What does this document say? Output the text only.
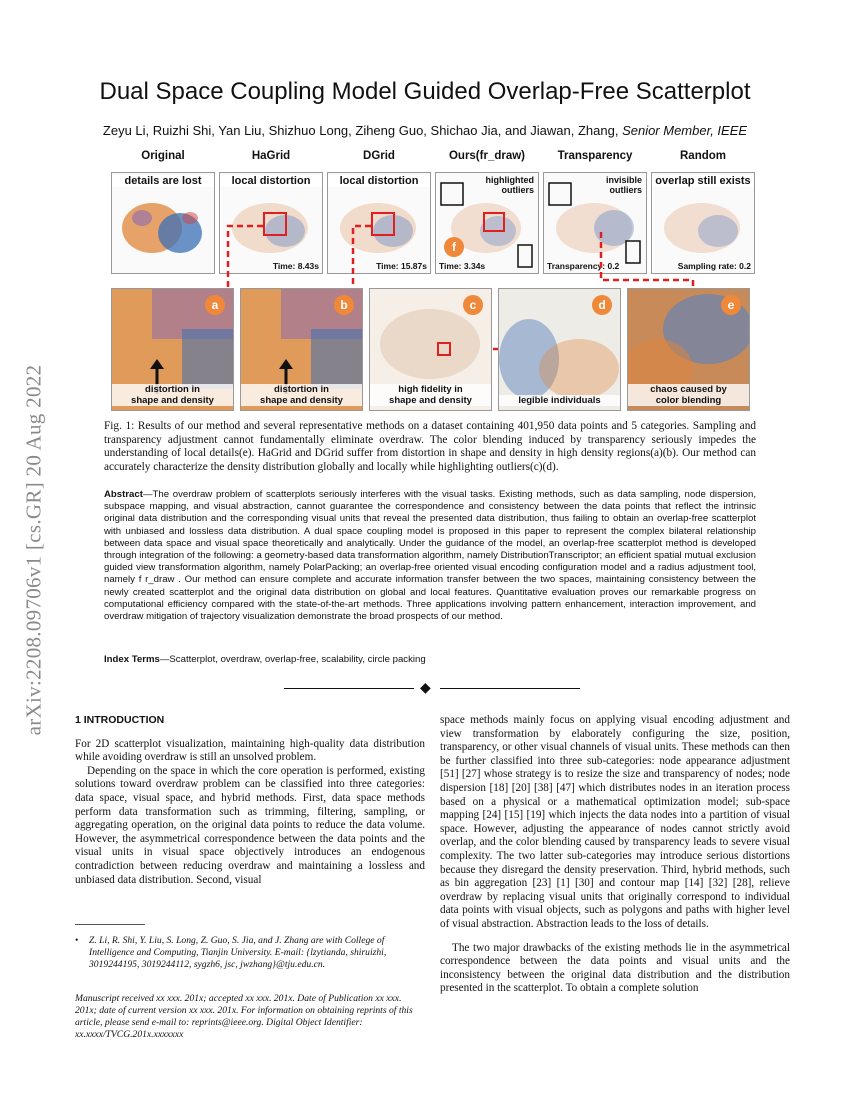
arXiv:2208.09706v1 [cs.GR] 20 Aug 2022
Dual Space Coupling Model Guided Overlap-Free Scatterplot
Zeyu Li, Ruizhi Shi, Yan Liu, Shizhuo Long, Ziheng Guo, Shichao Jia, and Jiawan, Zhang, Senior Member, IEEE
Original	HaGrid	DGrid	Ours(fr_draw)	Transparency	Random
details are lost	local distortion
Time: 8.43s
local distortion
Time: 15.87s
highlighted
outliers
f
Time: 3.34s
invisible
outliers
Transparency: 0.2
overlap still exists
Sampling rate: 0.2
a
distortion in
shape and density
b
distortion in
shape and density
c
high fidelity in
shape and density
d
legible individuals
e
chaos caused by
color blending
Fig. 1: Results of our method and several representative methods on a dataset containing 401,950 data points and 5 categories. Sampling and transparency adjustment cannot fundamentally eliminate overdraw. The color blending induced by transparency seriously impedes the understanding of local details(e). HaGrid and DGrid suffer from distortion in shape and density in high density regions(a)(b). Our method can accurately characterize the density distribution globally and locally while highlighting outliers(c)(d).
Abstract—The overdraw problem of scatterplots seriously interferes with the visual tasks. Existing methods, such as data sampling, node dispersion, subspace mapping, and visual abstraction, cannot guarantee the correspondence and consistency between the data points that reflect the intrinsic original data distribution and the corresponding visual units that reveal the presented data distribution, thus failing to obtain an overlap-free scatterplot with unbiased and lossless data distribution. A dual space coupling model is proposed in this paper to represent the complex bilateral relationship between data space and visual space theoretically and analytically. Under the guidance of the model, an overlap-free scatterplot method is developed through integration of the following: a geometry-based data transformation algorithm, namely DistributionTranscriptor; an efficient spatial mutual exclusion guided view transformation algorithm, namely PolarPacking; an overlap-free oriented visual encoding configuration model and a radius adjustment tool, namely f r_draw . Our method can ensure complete and accurate information transfer between the two spaces, maintaining consistency between the newly created scatterplot and the original data distribution on global and local features. Quantitative evaluation proves our remarkable progress on computational efficiency compared with the state-of-the-art methods. Three applications involving pattern enhancement, interaction improvement, and overdraw mitigation of trajectory visualization demonstrate the broad prospects of our method.
Index Terms—Scatterplot, overdraw, overlap-free, scalability, circle packing
◆
1 INTRODUCTION

For 2D scatterplot visualization, maintaining high-quality data distribution while avoiding overdraw is still an unsolved problem.

Depending on the space in which the core operation is performed, existing solutions toward overdraw problem can be classified into three categories: data space, visual space, and hybrid methods. First, data space methods perform data transformation such as trimming, filtering, sampling, or aggregating operation, on the original data points to reduce the data volume. However, the asymmetrical correspondence between the data points and the visual units in visual space objectively introduces an endogenous contradiction between reducing overdraw and maintaining a lossless and unbiased data distribution. Second, visual

• Z. Li, R. Shi, Y. Liu, S. Long, Z. Guo, S. Jia, and J. Zhang are with College of Intelligence and Computing, Tianjin University. E-mail: {lzytianda, shiruizhi, 3019244195, 3019244112, sygzh6, jsc, jwzhang}@tju.edu.cn.
Manuscript received xx xxx. 201x; accepted xx xxx. 201x. Date of Publication xx xxx. 201x; date of current version xx xxx. 201x. For information on obtaining reprints of this article, please send e-mail to: reprints@ieee.org. Digital Object Identifier: xx.xxxx/TVCG.201x.xxxxxxx

space methods mainly focus on applying visual encoding adjustment and view transformation by elaborately configuring the size, position, transparency, or other visual channels of visual units. These methods can then be further classified into three sub-categories: node appearance adjustment [51] [27] whose strategy is to resize the size and transparency of nodes; node dispersion [18] [20] [38] [47] which distributes nodes in an iteration process based on a physical or a mathematical optimization model; sub-space mapping [24] [15] [19] which injects the data nodes into a partition of visual space. However, adjusting the appearance of nodes cannot strictly avoid overlap, and the color blending caused by transparency leads to severe visual complexity. The two latter sub-categories may introduce serious distortions because they disregard the density preservation. Third, hybrid methods, such as bin aggregation [23] [1] [30] and contour map [14] [32] [28], relieve overdraw by replacing visual units that originally correspond to individual data points with visual objects, such as polygons and paths with higher level of visual abstraction. Abstraction leads to the loss of details.

The two major drawbacks of the existing methods lie in the asymmetrical correspondence between the data points and visual units and the inconsistency between the original data distribution and the distribution presented in the scatterplot. To obtain a complete solution
